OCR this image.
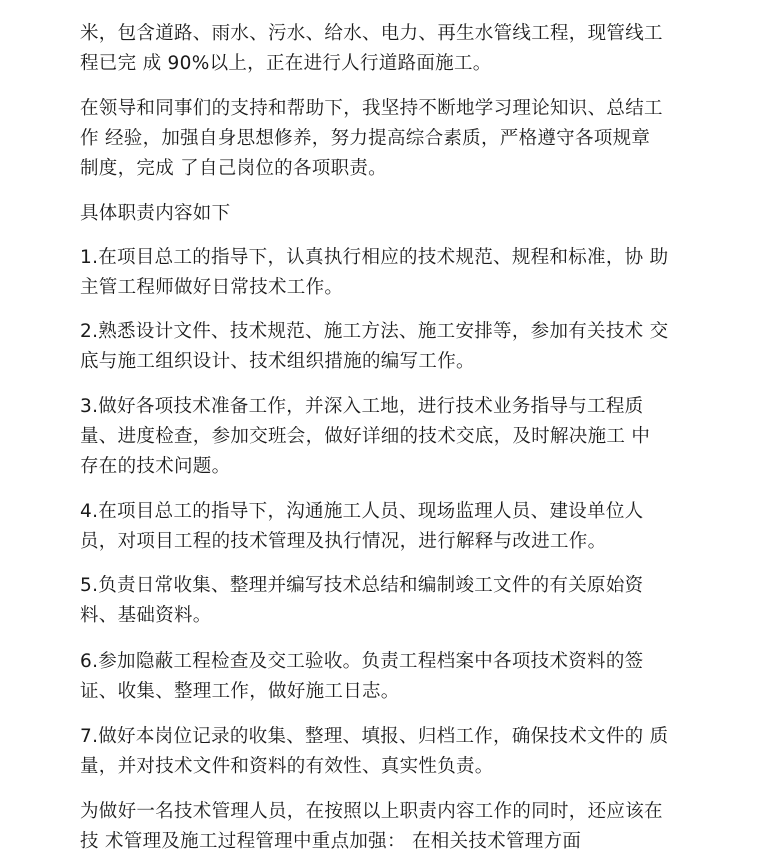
米，包含道路、雨水、污水、给水、电力、再生水管线工程，现管线工
程已完 成 90%以上，正在进行人行道路面施工。
在领导和同事们的支持和帮助下，我坚持不断地学习理论知识、总结工
作 经验，加强自身思想修养，努力提高综合素质，严格遵守各项规章
制度，完成 了自己岗位的各项职责。
具体职责内容如下
1.在项目总工的指导下，认真执行相应的技术规范、规程和标准，协 助
主管工程师做好日常技术工作。
2.熟悉设计文件、技术规范、施工方法、施工安排等，参加有关技术 交
底与施工组织设计、技术组织措施的编写工作。
3.做好各项技术准备工作，并深入工地，进行技术业务指导与工程质
量、进度检查，参加交班会，做好详细的技术交底，及时解决施工 中
存在的技术问题。
4.在项目总工的指导下，沟通施工人员、现场监理人员、建设单位人
员，对项目工程的技术管理及执行情况，进行解释与改进工作。
5.负责日常收集、整理并编写技术总结和编制竣工文件的有关原始资
料、基础资料。
6.参加隐蔽工程检查及交工验收。负责工程档案中各项技术资料的签
证、收集、整理工作，做好施工日志。
7.做好本岗位记录的收集、整理、填报、归档工作，确保技术文件的 质
量，并对技术文件和资料的有效性、真实性负责。
为做好一名技术管理人员，在按照以上职责内容工作的同时，还应该在
技 术管理及施工过程管理中重点加强： 在相关技术管理方面
